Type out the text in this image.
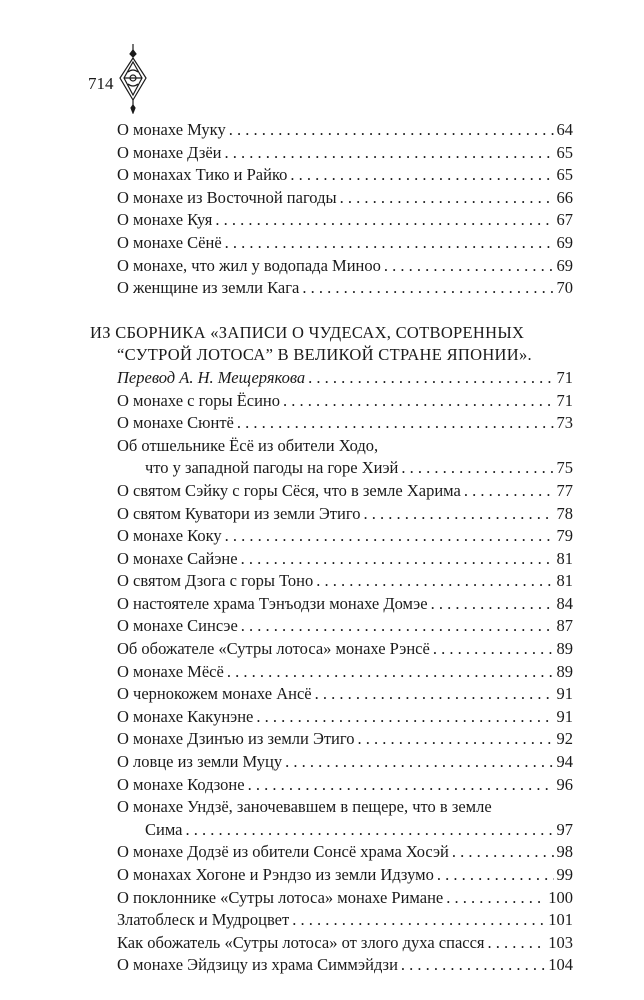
714
О монахе Муку . . .	64
О монахе Дзёи . . .	65
О монахах Тико и Райко . . .	65
О монахе из Восточной пагоды . . .	66
О монахе Куя . . .	67
О монахе Сёнё . . .	69
О монахе, что жил у водопада Миноо . . .	69
О женщине из земли Кага . . .	70
ИЗ СБОРНИКА «ЗАПИСИ О ЧУДЕСАХ, СОТВОРЕННЫХ
“СУТРОЙ ЛОТОСА” В ВЕЛИКОЙ СТРАНЕ ЯПОНИИ».
Перевод А. Н. Мещерякова . . .	71
О монахе с горы Ёсино . . .	71
О монахе Сюнтё . . .	73
Об отшельнике Ёсё из обители Ходо,
что у западной пагоды на горе Хиэй . . .	75
О святом Сэйку с горы Сёся, что в земле Харима . . .	77
О святом Куватори из земли Этиго . . .	78
О монахе Коку . . .	79
О монахе Сайэне . . .	81
О святом Дзога с горы Тоно . . .	81
О настоятеле храма Тэнъодзи монахе Домэе . . .	84
О монахе Синсэе . . .	87
Об обожателе «Сутры лотоса» монахе Рэнсё . . .	89
О монахе Мёсё . . .	89
О чернокожем монахе Ансё . . .	91
О монахе Какунэне . . .	91
О монахе Дзинъю из земли Этиго . . .	92
О ловце из земли Муцу . . .	94
О монахе Кодзоне . . .	96
О монахе Ундзё, заночевавшем в пещере, что в земле
Сима . . .	97
О монахе Додзё из обители Сонсё храма Хосэй . . .	98
О монахах Хогоне и Рэндзо из земли Идзумо . . .	99
О поклоннике «Сутры лотоса» монахе Римане . . .	100
Златоблеск и Мудроцвет . . .	101
Как обожатель «Сутры лотоса» от злого духа спасся . . .	103
О монахе Эйдзицу из храма Симмэйдзи . . .	104
